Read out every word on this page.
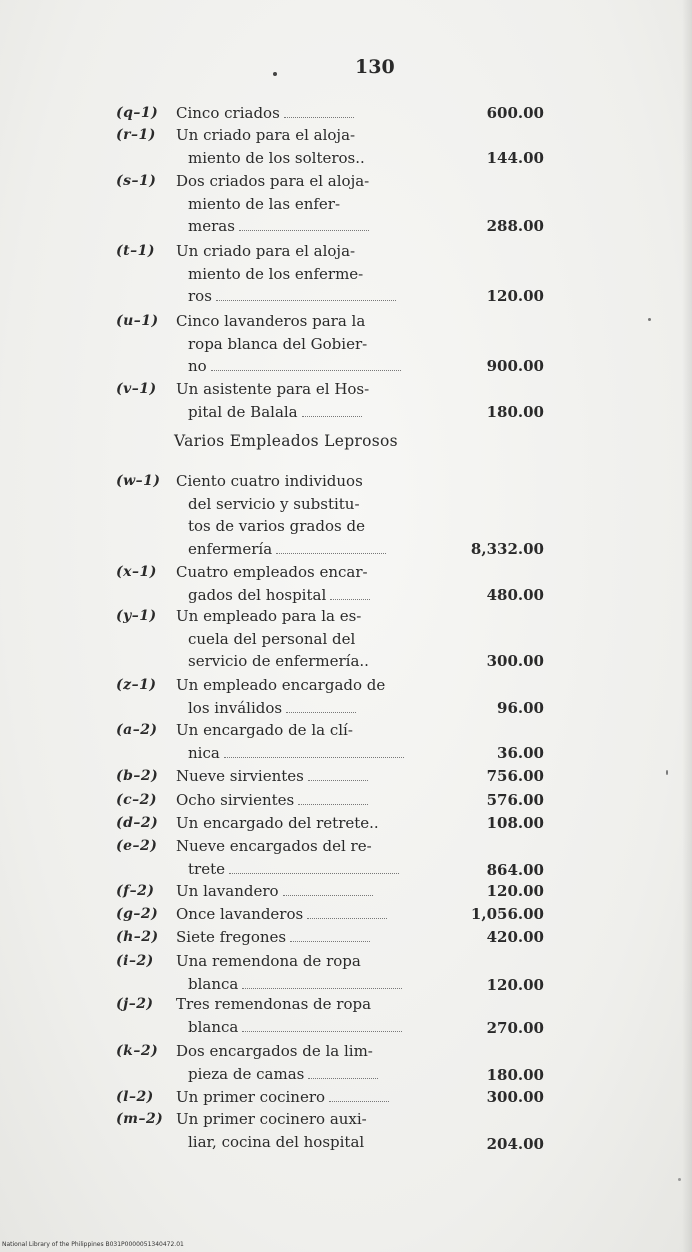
130
Varios Empleados Leprosos
(q–1) Cinco criados	600.00
(r–1) Un criado para el aloja-
miento de los solteros..	144.00
(s–1) Dos criados para el aloja-
miento de las enfer-
meras	288.00
(t–1) Un criado para el aloja-
miento de los enferme-
ros	120.00
(u–1) Cinco lavanderos para la
ropa blanca del Gobier-
no	900.00
(v–1) Un asistente para el Hos-
pital de Balala	180.00
(w–1) Ciento cuatro individuos
del servicio y substitu-
tos de varios grados de
enfermería	8,332.00
(x–1) Cuatro empleados encar-
gados del hospital	480.00
(y–1) Un empleado para la es-
cuela del personal del
servicio de enfermería..	300.00
(z–1) Un empleado encargado de
los inválidos	96.00
(a–2) Un encargado de la clí-
nica	36.00
(b–2) Nueve sirvientes	756.00
(c–2) Ocho sirvientes	576.00
(d–2) Un encargado del retrete..	108.00
(e–2) Nueve encargados del re-
trete	864.00
(f–2) Un lavandero	120.00
(g–2) Once lavanderos	1,056.00
(h–2) Siete fregones	420.00
(i–2) Una remendona de ropa
blanca	120.00
(j–2) Tres remendonas de ropa
blanca	270.00
(k–2) Dos encargados de la lim-
pieza de camas	180.00
(l–2) Un primer cocinero	300.00
(m–2) Un primer cocinero auxi-
liar, cocina del hospital	204.00
National Library of the Philippines B031P0000051340472.01
